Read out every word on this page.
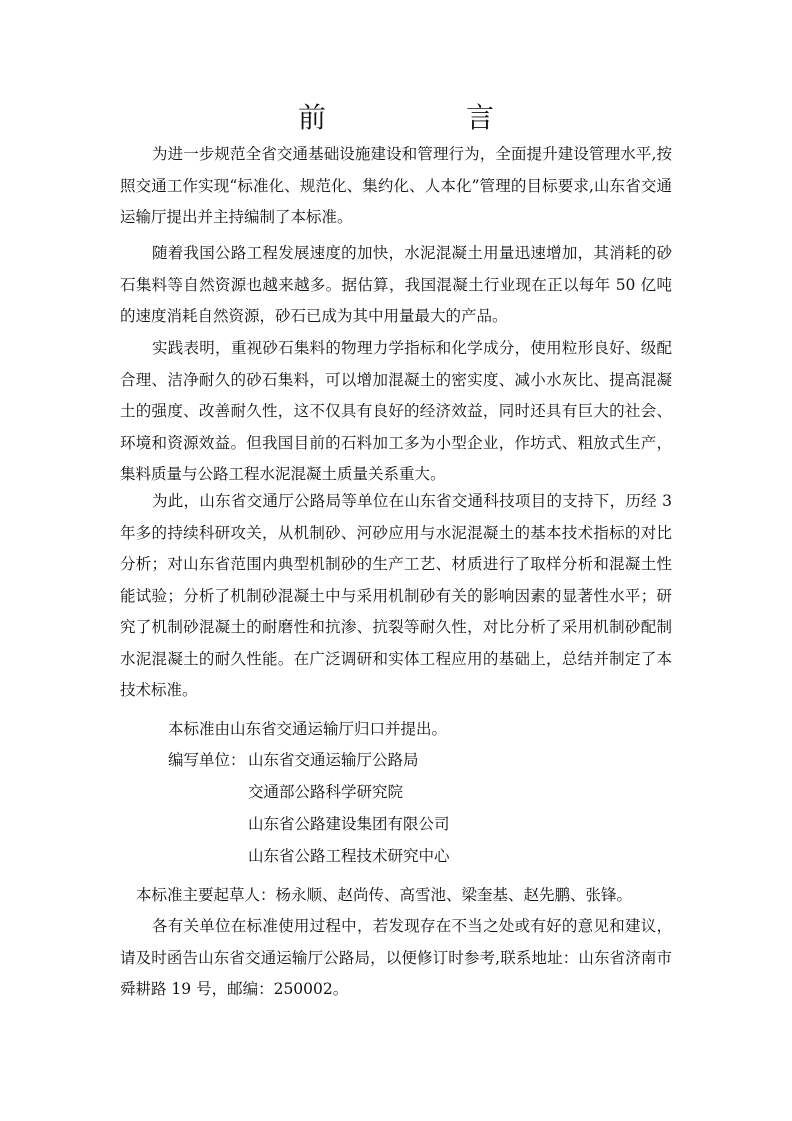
前　言

为进一步规范全省交通基础设施建设和管理行为，全面提升建设管理水平,按照交通工作实现“标准化、规范化、集约化、人本化”管理的目标要求,山东省交通运输厅提出并主持编制了本标准。

随着我国公路工程发展速度的加快，水泥混凝土用量迅速增加，其消耗的砂石集料等自然资源也越来越多。据估算，我国混凝土行业现在正以每年 50 亿吨的速度消耗自然资源，砂石已成为其中用量最大的产品。

实践表明，重视砂石集料的物理力学指标和化学成分，使用粒形良好、级配合理、洁净耐久的砂石集料，可以增加混凝土的密实度、减小水灰比、提高混凝土的强度、改善耐久性，这不仅具有良好的经济效益，同时还具有巨大的社会、环境和资源效益。但我国目前的石料加工多为小型企业，作坊式、粗放式生产，集料质量与公路工程水泥混凝土质量关系重大。

为此，山东省交通厅公路局等单位在山东省交通科技项目的支持下，历经 3 年多的持续科研攻关，从机制砂、河砂应用与水泥混凝土的基本技术指标的对比分析；对山东省范围内典型机制砂的生产工艺、材质进行了取样分析和混凝土性能试验；分析了机制砂混凝土中与采用机制砂有关的影响因素的显著性水平；研究了机制砂混凝土的耐磨性和抗渗、抗裂等耐久性，对比分析了采用机制砂配制水泥混凝土的耐久性能。在广泛调研和实体工程应用的基础上，总结并制定了本技术标准。

本标准由山东省交通运输厅归口并提出。

编写单位： 山东省交通运输厅公路局

交通部公路科学研究院

山东省公路建设集团有限公司

山东省公路工程技术研究中心

本标准主要起草人：杨永顺、赵尚传、高雪池、梁奎基、赵先鹏、张锋。

各有关单位在标准使用过程中，若发现存在不当之处或有好的意见和建议，请及时函告山东省交通运输厅公路局，以便修订时参考,联系地址：山东省济南市舜耕路 19 号，邮编：250002。
